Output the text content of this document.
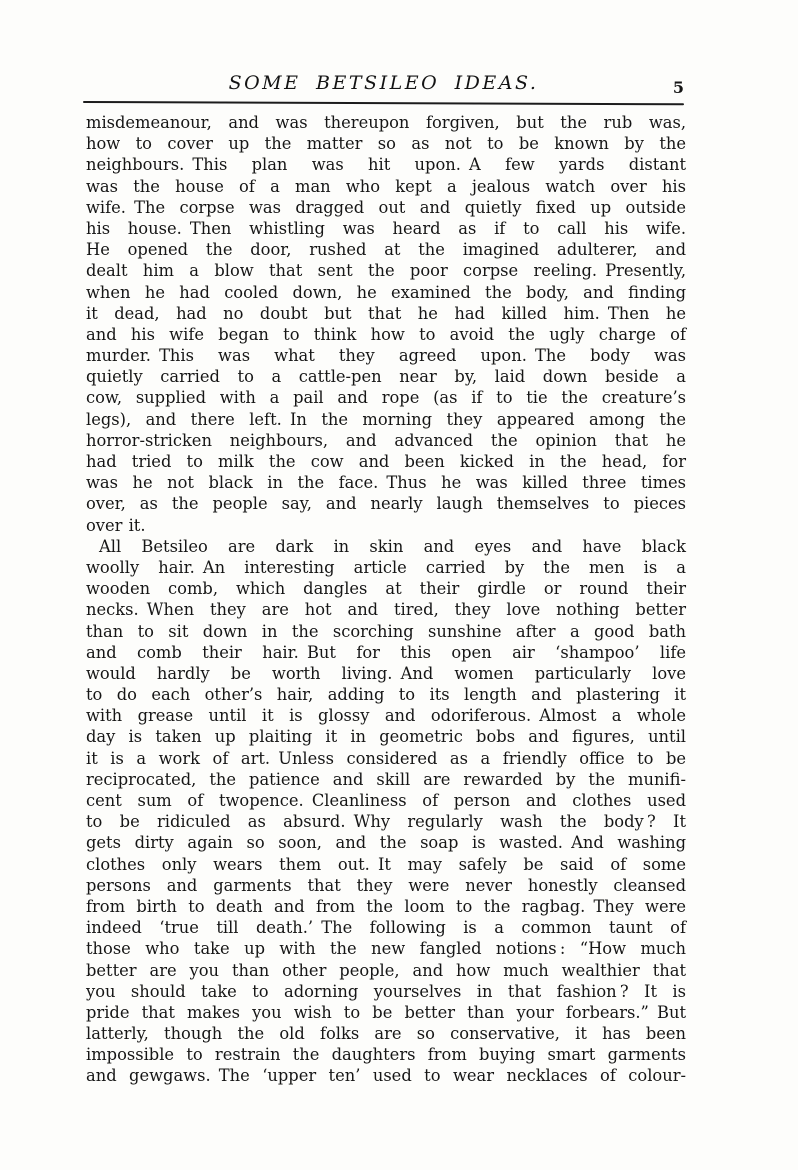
SOME BETSILEO IDEAS.	5
misdemeanour, and was thereupon forgiven, but the rub was,
how to cover up the matter so as not to be known by the
neighbours. This plan was hit upon. A few yards distant
was the house of a man who kept a jealous watch over his
wife. The corpse was dragged out and quietly fixed up outside
his house. Then whistling was heard as if to call his wife.
He opened the door, rushed at the imagined adulterer, and
dealt him a blow that sent the poor corpse reeling. Presently,
when he had cooled down, he examined the body, and finding
it dead, had no doubt but that he had killed him. Then he
and his wife began to think how to avoid the ugly charge of
murder. This was what they agreed upon. The body was
quietly carried to a cattle-pen near by, laid down beside a
cow, supplied with a pail and rope (as if to tie the creature’s
legs), and there left. In the morning they appeared among the
horror-stricken neighbours, and advanced the opinion that he
had tried to milk the cow and been kicked in the head, for
was he not black in the face. Thus he was killed three times
over, as the people say, and nearly laugh themselves to pieces
over it.
All Betsileo are dark in skin and eyes and have black
woolly hair. An interesting article carried by the men is a
wooden comb, which dangles at their girdle or round their
necks. When they are hot and tired, they love nothing better
than to sit down in the scorching sunshine after a good bath
and comb their hair. But for this open air ‘shampoo’ life
would hardly be worth living. And women particularly love
to do each other’s hair, adding to its length and plastering it
with grease until it is glossy and odoriferous. Almost a whole
day is taken up plaiting it in geometric bobs and figures, until
it is a work of art. Unless considered as a friendly office to be
reciprocated, the patience and skill are rewarded by the munifi-
cent sum of twopence. Cleanliness of person and clothes used
to be ridiculed as absurd. Why regularly wash the body ? It
gets dirty again so soon, and the soap is wasted. And washing
clothes only wears them out. It may safely be said of some
persons and garments that they were never honestly cleansed
from birth to death and from the loom to the ragbag. They were
indeed ‘true till death.’ The following is a common taunt of
those who take up with the new fangled notions : “How much
better are you than other people, and how much wealthier that
you should take to adorning yourselves in that fashion ? It is
pride that makes you wish to be better than your forbears.” But
latterly, though the old folks are so conservative, it has been
impossible to restrain the daughters from buying smart garments
and gewgaws. The ‘upper ten’ used to wear necklaces of colour-
